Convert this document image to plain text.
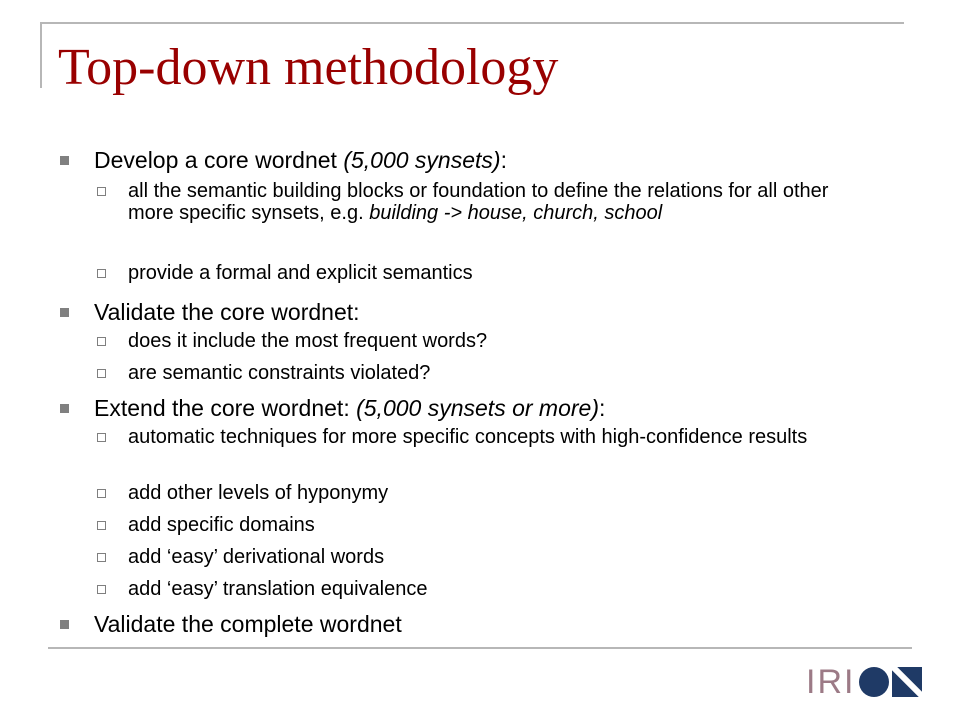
Top-down methodology
Develop a core wordnet (5,000 synsets):
all the semantic building blocks or foundation to define the relations for all other more specific synsets, e.g. building -> house, church, school
provide a formal and explicit semantics
Validate the core wordnet:
does it include the most frequent words?
are semantic constraints violated?
Extend the core wordnet: (5,000 synsets or more):
automatic techniques for more specific concepts with high-confidence results
add other levels of hyponymy
add specific domains
add ‘easy’ derivational words
add ‘easy’ translation equivalence
Validate the complete wordnet
IRI
